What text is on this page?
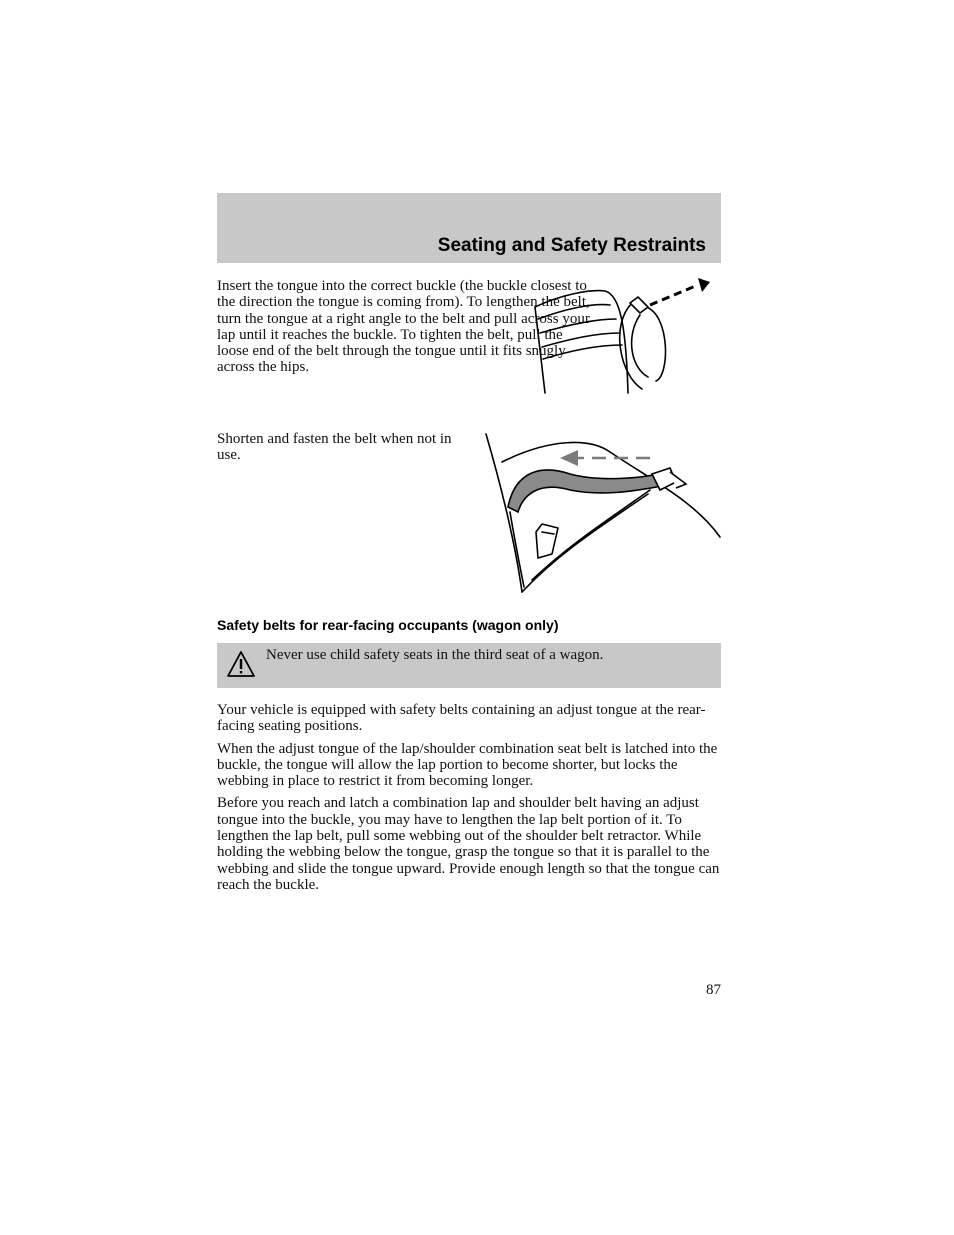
Seating and Safety Restraints

Insert the tongue into the correct buckle (the buckle closest to the direction the tongue is coming from). To lengthen the belt, turn the tongue at a right angle to the belt and pull across your lap until it reaches the buckle. To tighten the belt, pull the loose end of the belt through the tongue until it fits snugly across the hips.

Shorten and fasten the belt when not in use.

Safety belts for rear-facing occupants (wagon only)
Never use child safety seats in the third seat of a wagon.

Your vehicle is equipped with safety belts containing an adjust tongue at the rear-facing seating positions.

When the adjust tongue of the lap/shoulder combination seat belt is latched into the buckle, the tongue will allow the lap portion to become shorter, but locks the webbing in place to restrict it from becoming longer.

Before you reach and latch a combination lap and shoulder belt having an adjust tongue into the buckle, you may have to lengthen the lap belt portion of it. To lengthen the lap belt, pull some webbing out of the shoulder belt retractor. While holding the webbing below the tongue, grasp the tongue so that it is parallel to the webbing and slide the tongue upward. Provide enough length so that the tongue can reach the buckle.

87
